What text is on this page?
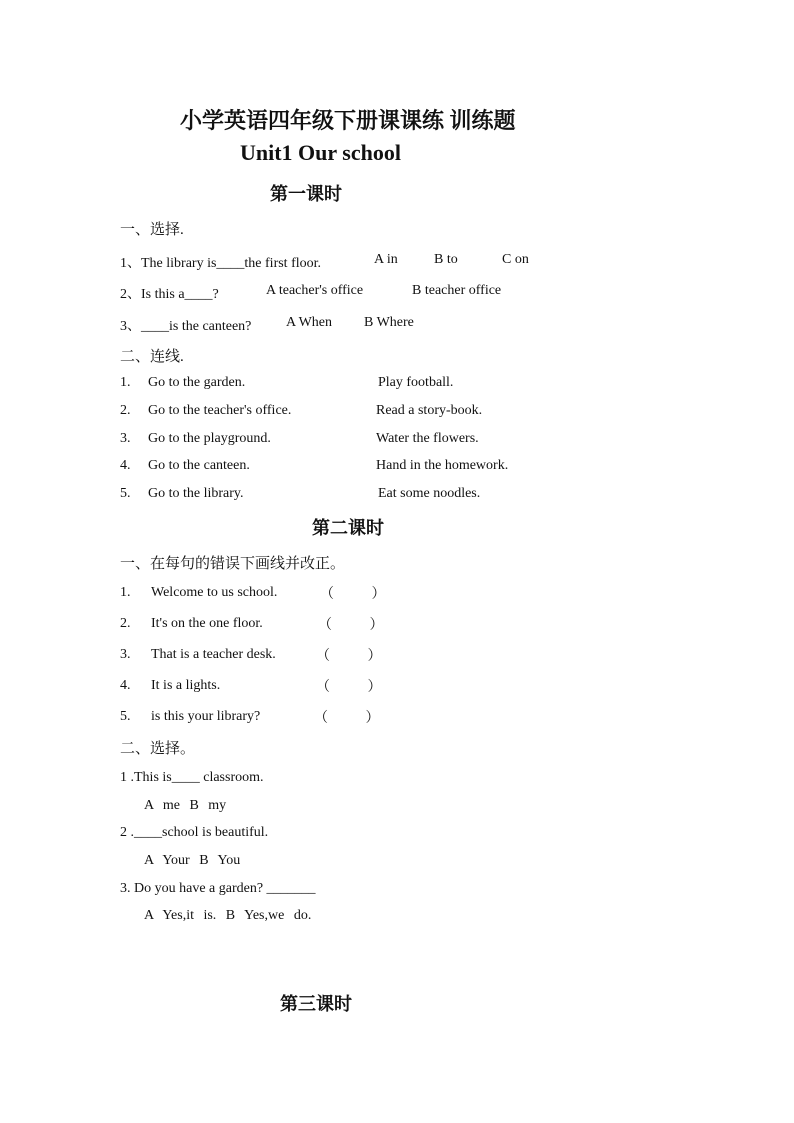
小学英语四年级下册课课练 训练题
Unit1 Our school
第一课时
一、选择.
1、The library is____the first floor.	A in	B to	C on
2、Is this a____?	A teacher's office	B teacher office
3、____is the canteen? A When B Where
二、连线.
1. Go to the garden.	Play football.
2. Go to the teacher's office.	Read a story-book.
3. Go to the playground.	Water the flowers.
4. Go to the canteen.	Hand in the homework.
5. Go to the library.	Eat some noodles.
第二课时
一、在每句的错误下画线并改正。
1. Welcome to us school.	（ ）
2. It's on the one floor.	（ ）
3. That is a teacher desk.	（ ）
4. It is a lights.	（ ）
5. is this your library?	（ ）
二、选择。
1 .This is____ classroom.
A me B my
2 .____school is beautiful.
A Your B You
3. Do you have a garden? _______
A Yes,it is. B Yes,we do.
第三课时
